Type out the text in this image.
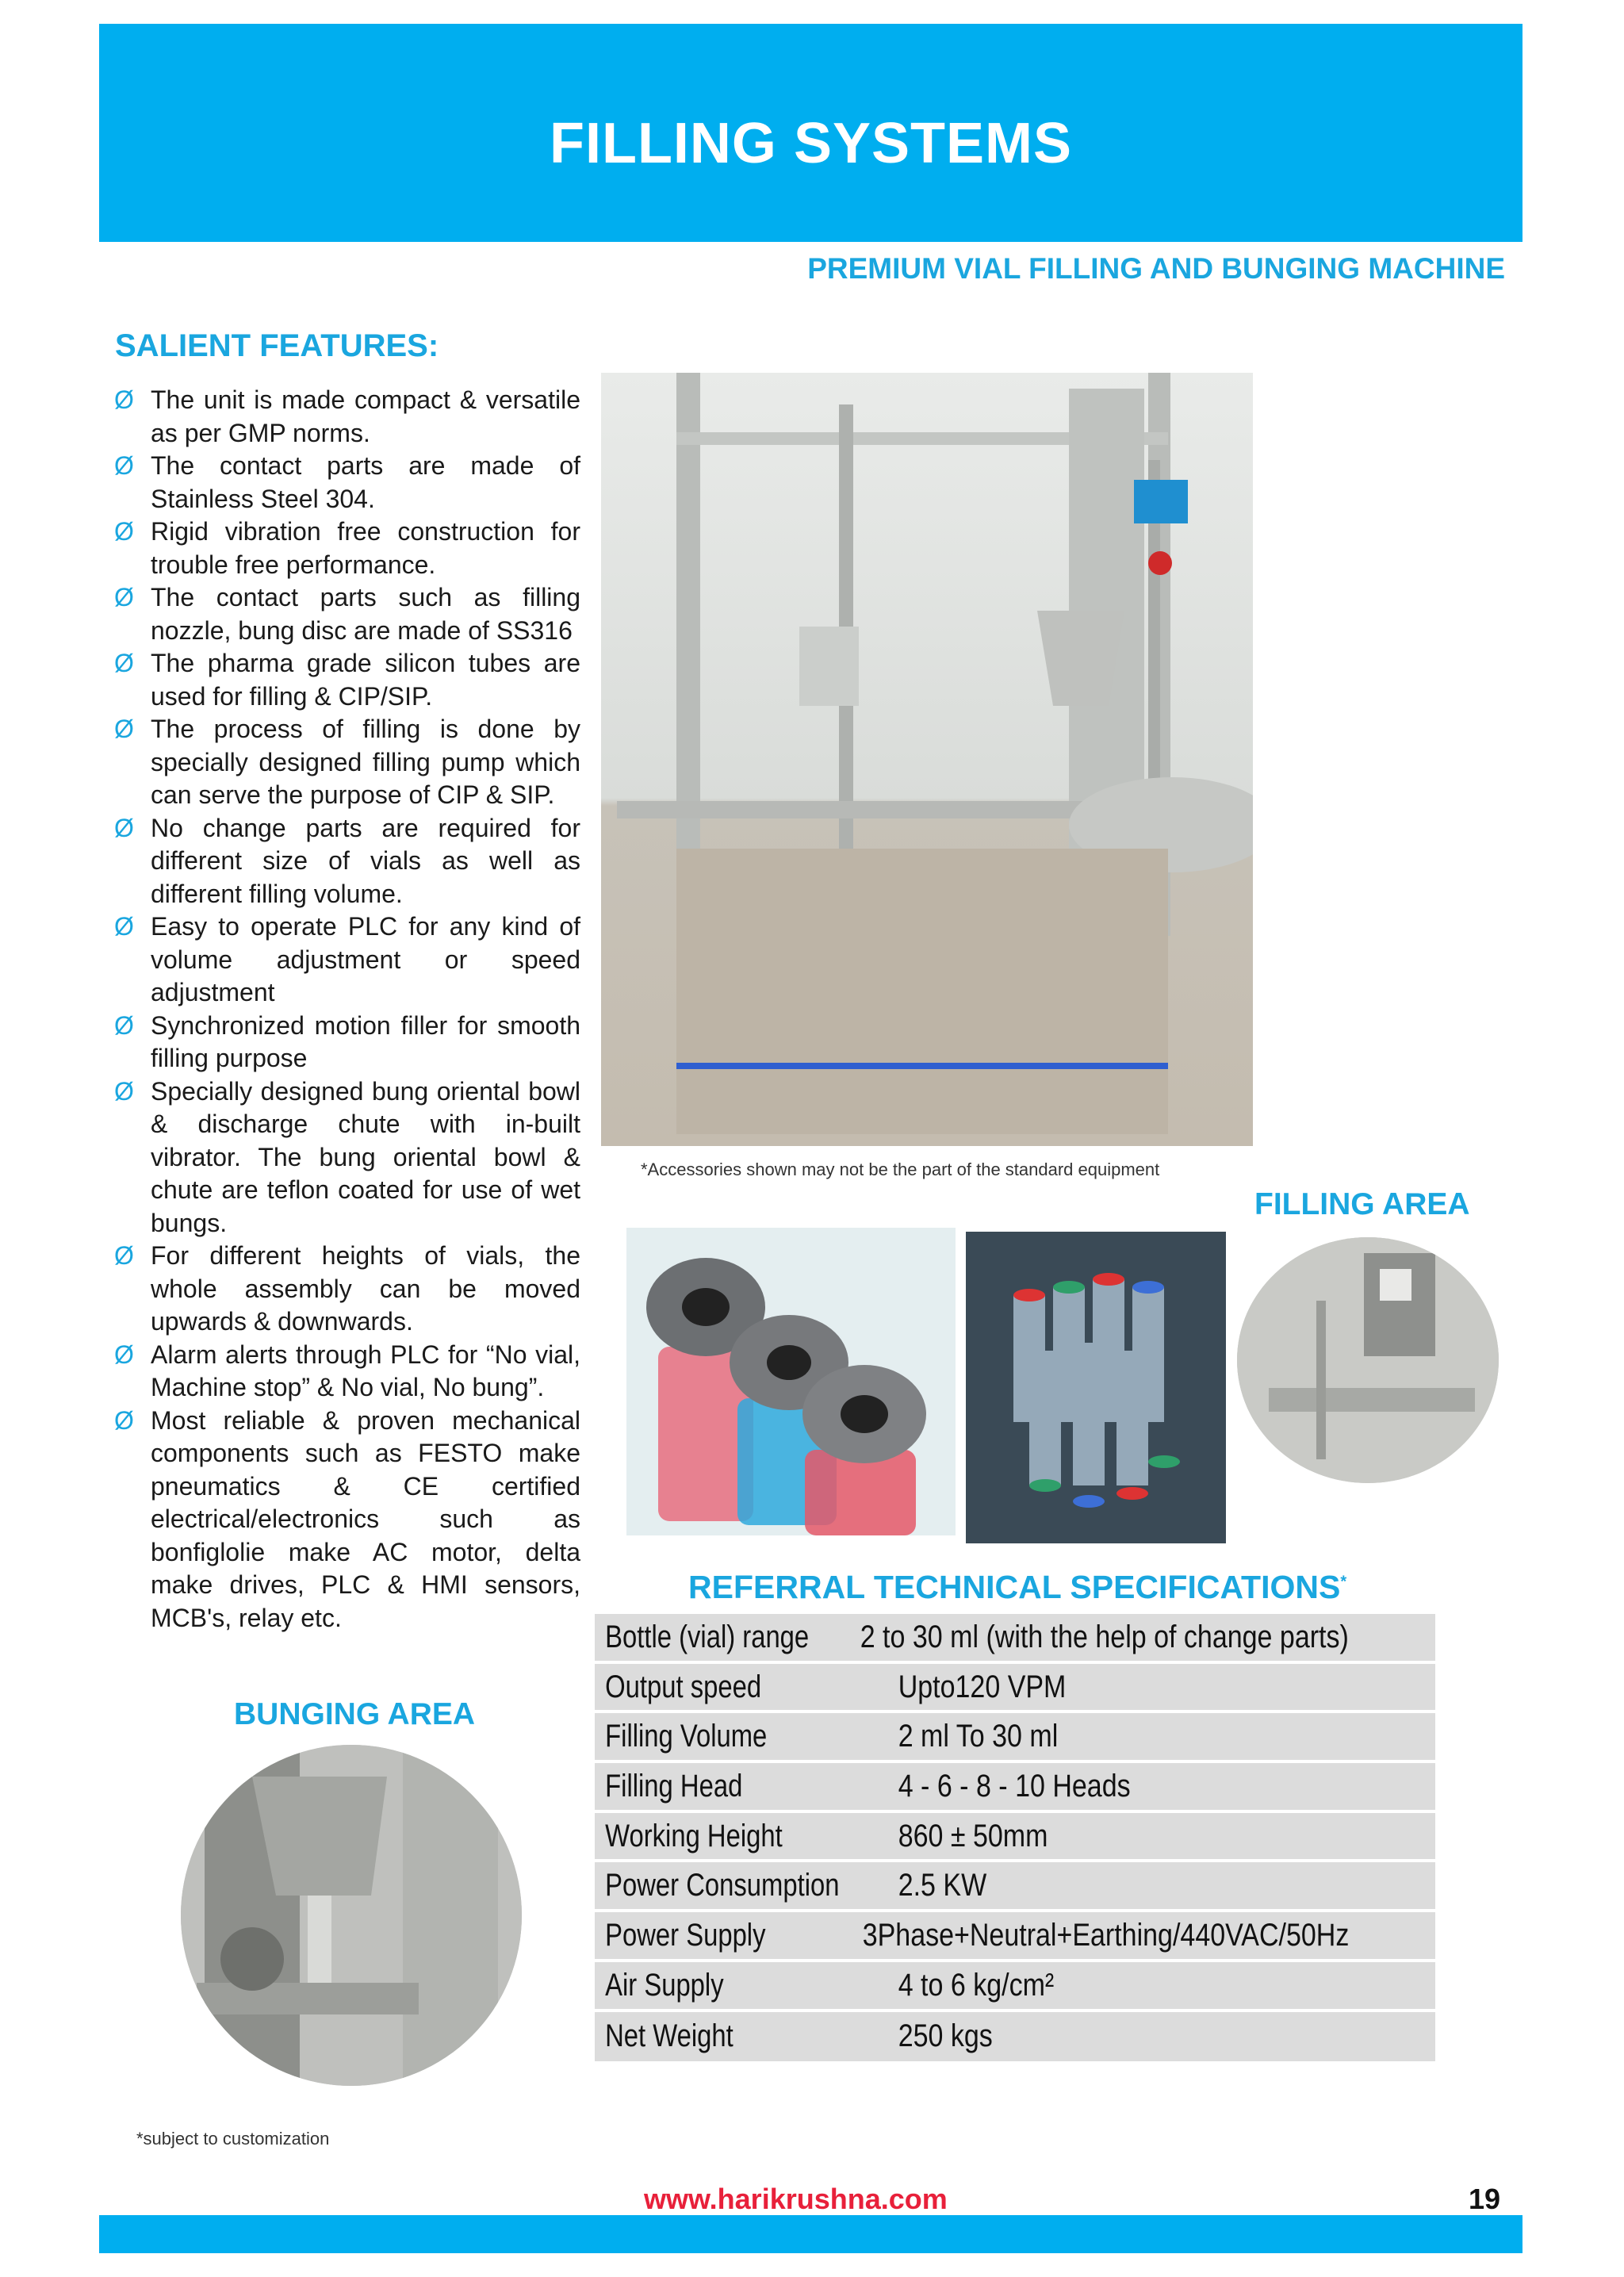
FILLING SYSTEMS
PREMIUM VIAL FILLING AND BUNGING MACHINE
SALIENT FEATURES:
Ø The unit is made compact & versatile as per GMP norms.
Ø The contact parts are made of Stainless Steel 304.
Ø Rigid vibration free construction for trouble free performance.
Ø The contact parts such as filling nozzle, bung disc are made of SS316
Ø The pharma grade silicon tubes are used for filling & CIP/SIP.
Ø The process of filling is done by specially designed filling pump which can serve the purpose of CIP & SIP.
Ø No change parts are required for different size of vials as well as different filling volume.
Ø Easy to operate PLC for any kind of volume adjustment or speed adjustment
Ø Synchronized motion filler for smooth filling purpose
Ø Specially designed bung oriental bowl & discharge chute with in-built vibrator. The bung oriental bowl & chute are teflon coated for use of wet bungs.
Ø For different heights of vials, the whole assembly can be moved upwards & downwards.
Ø Alarm alerts through PLC for “No vial, Machine stop” & No vial, No bung”.
Ø Most reliable & proven mechanical components such as FESTO make pneumatics & CE certified electrical/electronics such as bonfiglolie make AC motor, delta make drives, PLC & HMI sensors, MCB's, relay etc.
*Accessories shown may not be the part of the standard equipment
FILLING AREA
REFERRAL TECHNICAL SPECIFICATIONS*
Bottle (vial) range 2 to 30 ml (with the help of change parts)
Output speed	Upto120 VPM
Filling Volume	2 ml To 30 ml
Filling Head	4 - 6 - 8 - 10 Heads
Working Height	860 ± 50mm
Power Consumption 2.5 KW
Power Supply	3Phase+Neutral+Earthing/440VAC/50Hz
Air Supply	4 to 6 kg/cm²
Net Weight	250 kgs
BUNGING AREA
*subject to customization
www.harikrushna.com	19
